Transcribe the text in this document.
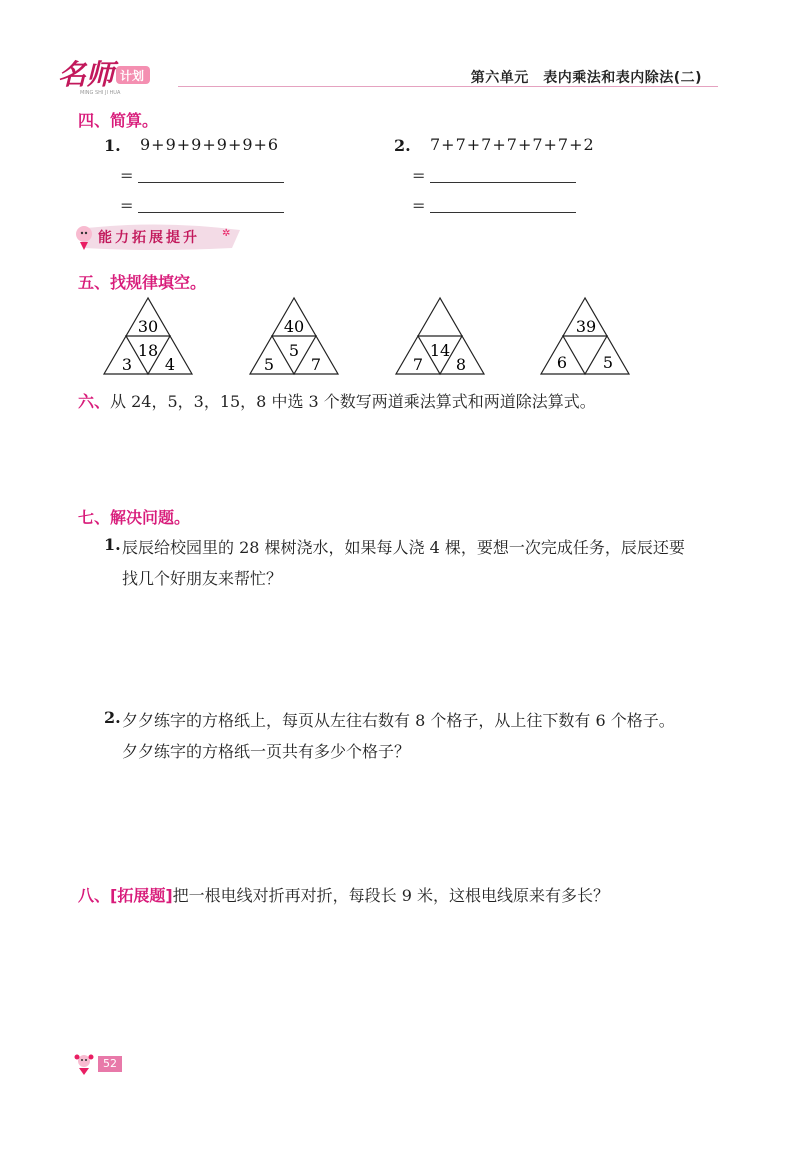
名师 计划
MING SHI JI HUA
第六单元　表内乘法和表内除法(二)
四、简算。
1. 9+9+9+9+9+6
=
=
2. 7+7+7+7+7+7+2
=
=
能力拓展提升 ✲
五、找规律填空。
30
18
3 4
40
5
5 7
14
7 8
39
6 5
六、从 24，5，3，15，8 中选 3 个数写两道乘法算式和两道除法算式。
七、解决问题。
1. 辰辰给校园里的 28 棵树浇水，如果每人浇 4 棵，要想一次完成任务，辰辰还要
找几个好朋友来帮忙？
2. 夕夕练字的方格纸上，每页从左往右数有 8 个格子，从上往下数有 6 个格子。
夕夕练字的方格纸一页共有多少个格子？
八、[拓展题]把一根电线对折再对折，每段长 9 米，这根电线原来有多长？
52
